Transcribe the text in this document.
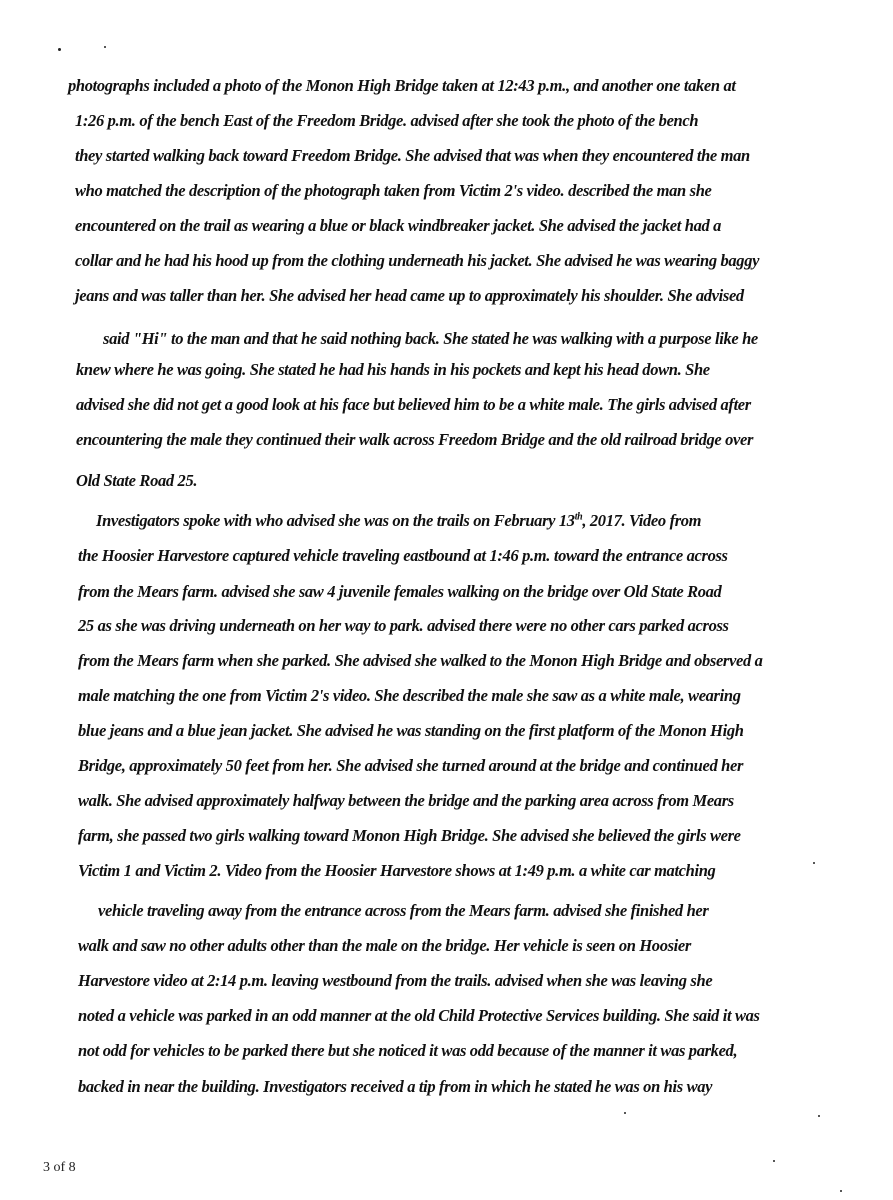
photographs included a photo of the Monon High Bridge taken at 12:43 p.m., and another one taken at
1:26 p.m. of the bench East of the Freedom Bridge. advised after she took the photo of the bench
they started walking back toward Freedom Bridge. She advised that was when they encountered the man
who matched the description of the photograph taken from Victim 2's video. described the man she
encountered on the trail as wearing a blue or black windbreaker jacket. She advised the jacket had a
collar and he had his hood up from the clothing underneath his jacket. She advised he was wearing baggy
jeans and was taller than her. She advised her head came up to approximately his shoulder. She advised
said "Hi" to the man and that he said nothing back. She stated he was walking with a purpose like he
knew where he was going. She stated he had his hands in his pockets and kept his head down. She
advised she did not get a good look at his face but believed him to be a white male. The girls advised after
encountering the male they continued their walk across Freedom Bridge and the old railroad bridge over
Old State Road 25.
Investigators spoke with who advised she was on the trails on February 13th, 2017. Video from
the Hoosier Harvestore captured vehicle traveling eastbound at 1:46 p.m. toward the entrance across
from the Mears farm. advised she saw 4 juvenile females walking on the bridge over Old State Road
25 as she was driving underneath on her way to park. advised there were no other cars parked across
from the Mears farm when she parked. She advised she walked to the Monon High Bridge and observed a
male matching the one from Victim 2's video. She described the male she saw as a white male, wearing
blue jeans and a blue jean jacket. She advised he was standing on the first platform of the Monon High
Bridge, approximately 50 feet from her. She advised she turned around at the bridge and continued her
walk. She advised approximately halfway between the bridge and the parking area across from Mears
farm, she passed two girls walking toward Monon High Bridge. She advised she believed the girls were
Victim 1 and Victim 2. Video from the Hoosier Harvestore shows at 1:49 p.m. a white car matching
vehicle traveling away from the entrance across from the Mears farm. advised she finished her
walk and saw no other adults other than the male on the bridge. Her vehicle is seen on Hoosier
Harvestore video at 2:14 p.m. leaving westbound from the trails. advised when she was leaving she
noted a vehicle was parked in an odd manner at the old Child Protective Services building. She said it was
not odd for vehicles to be parked there but she noticed it was odd because of the manner it was parked,
backed in near the building. Investigators received a tip from in which he stated he was on his way
3 of 8
